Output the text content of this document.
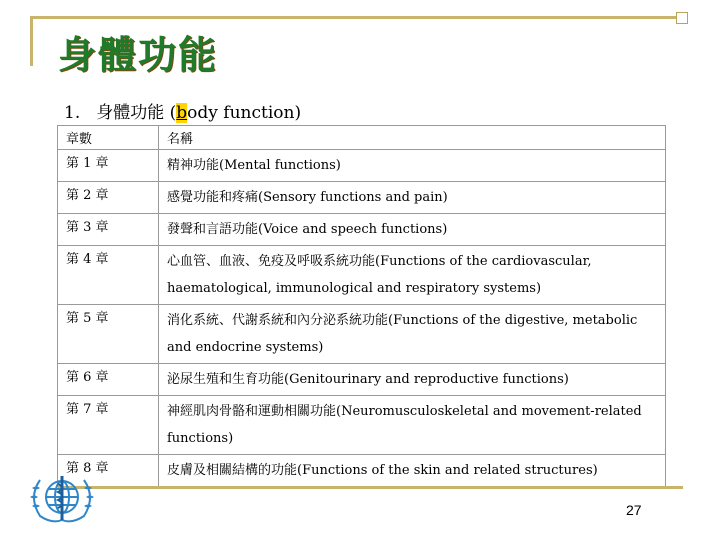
身體功能
1. 身體功能 (body function)
章數	名稱
第 1 章	精神功能(Mental functions)
第 2 章	感覺功能和疼痛(Sensory functions and pain)
第 3 章	發聲和言語功能(Voice and speech functions)
第 4 章	心血管、血液、免疫及呼吸系統功能(Functions of the cardiovascular, haematological, immunological and respiratory systems)
第 5 章	消化系統、代謝系統和內分泌系統功能(Functions of the digestive, metabolic and endocrine systems)
第 6 章	泌尿生殖和生育功能(Genitourinary and reproductive functions)
第 7 章	神經肌肉骨骼和運動相關功能(Neuromusculoskeletal and movement-related functions)
第 8 章	皮膚及相關結構的功能(Functions of the skin and related structures)
27
